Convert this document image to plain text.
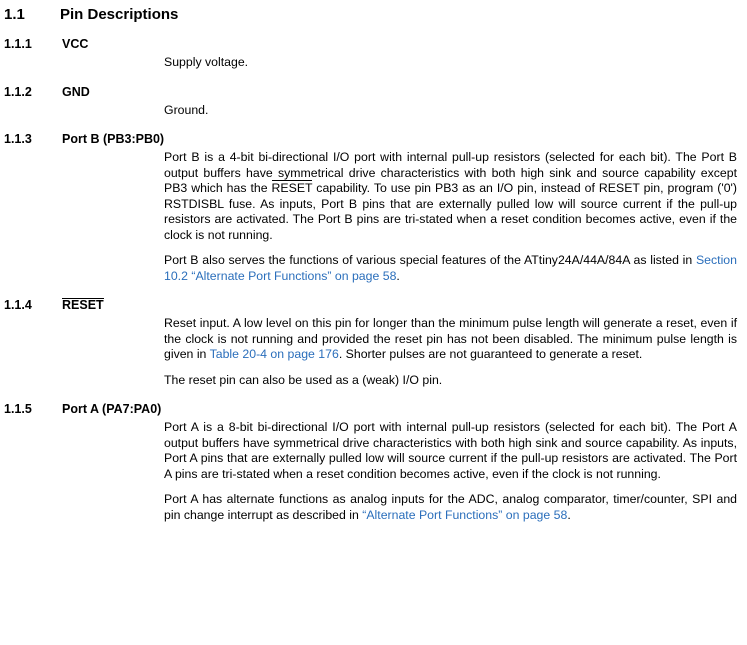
1.1	Pin Descriptions
1.1.1	VCC

Supply voltage.

1.1.2	GND

Ground.

1.1.3	Port B (PB3:PB0)

Port B is a 4-bit bi-directional I/O port with internal pull-up resistors (selected for each bit). The Port B output buffers have symmetrical drive characteristics with both high sink and source capability except PB3 which has the RESET capability. To use pin PB3 as an I/O pin, instead of RESET pin, program ('0') RSTDISBL fuse. As inputs, Port B pins that are externally pulled low will source current if the pull-up resistors are activated. The Port B pins are tri-stated when a reset condition becomes active, even if the clock is not running.

Port B also serves the functions of various special features of the ATtiny24A/44A/84A as listed in Section 10.2 “Alternate Port Functions” on page 58.

1.1.4	RESET

Reset input. A low level on this pin for longer than the minimum pulse length will generate a reset, even if the clock is not running and provided the reset pin has not been disabled. The minimum pulse length is given in Table 20-4 on page 176. Shorter pulses are not guaranteed to generate a reset.

The reset pin can also be used as a (weak) I/O pin.

1.1.5	Port A (PA7:PA0)

Port A is a 8-bit bi-directional I/O port with internal pull-up resistors (selected for each bit). The Port A output buffers have symmetrical drive characteristics with both high sink and source capability. As inputs, Port A pins that are externally pulled low will source current if the pull-up resistors are activated. The Port A pins are tri-stated when a reset condition becomes active, even if the clock is not running.

Port A has alternate functions as analog inputs for the ADC, analog comparator, timer/counter, SPI and pin change interrupt as described in “Alternate Port Functions” on page 58.
